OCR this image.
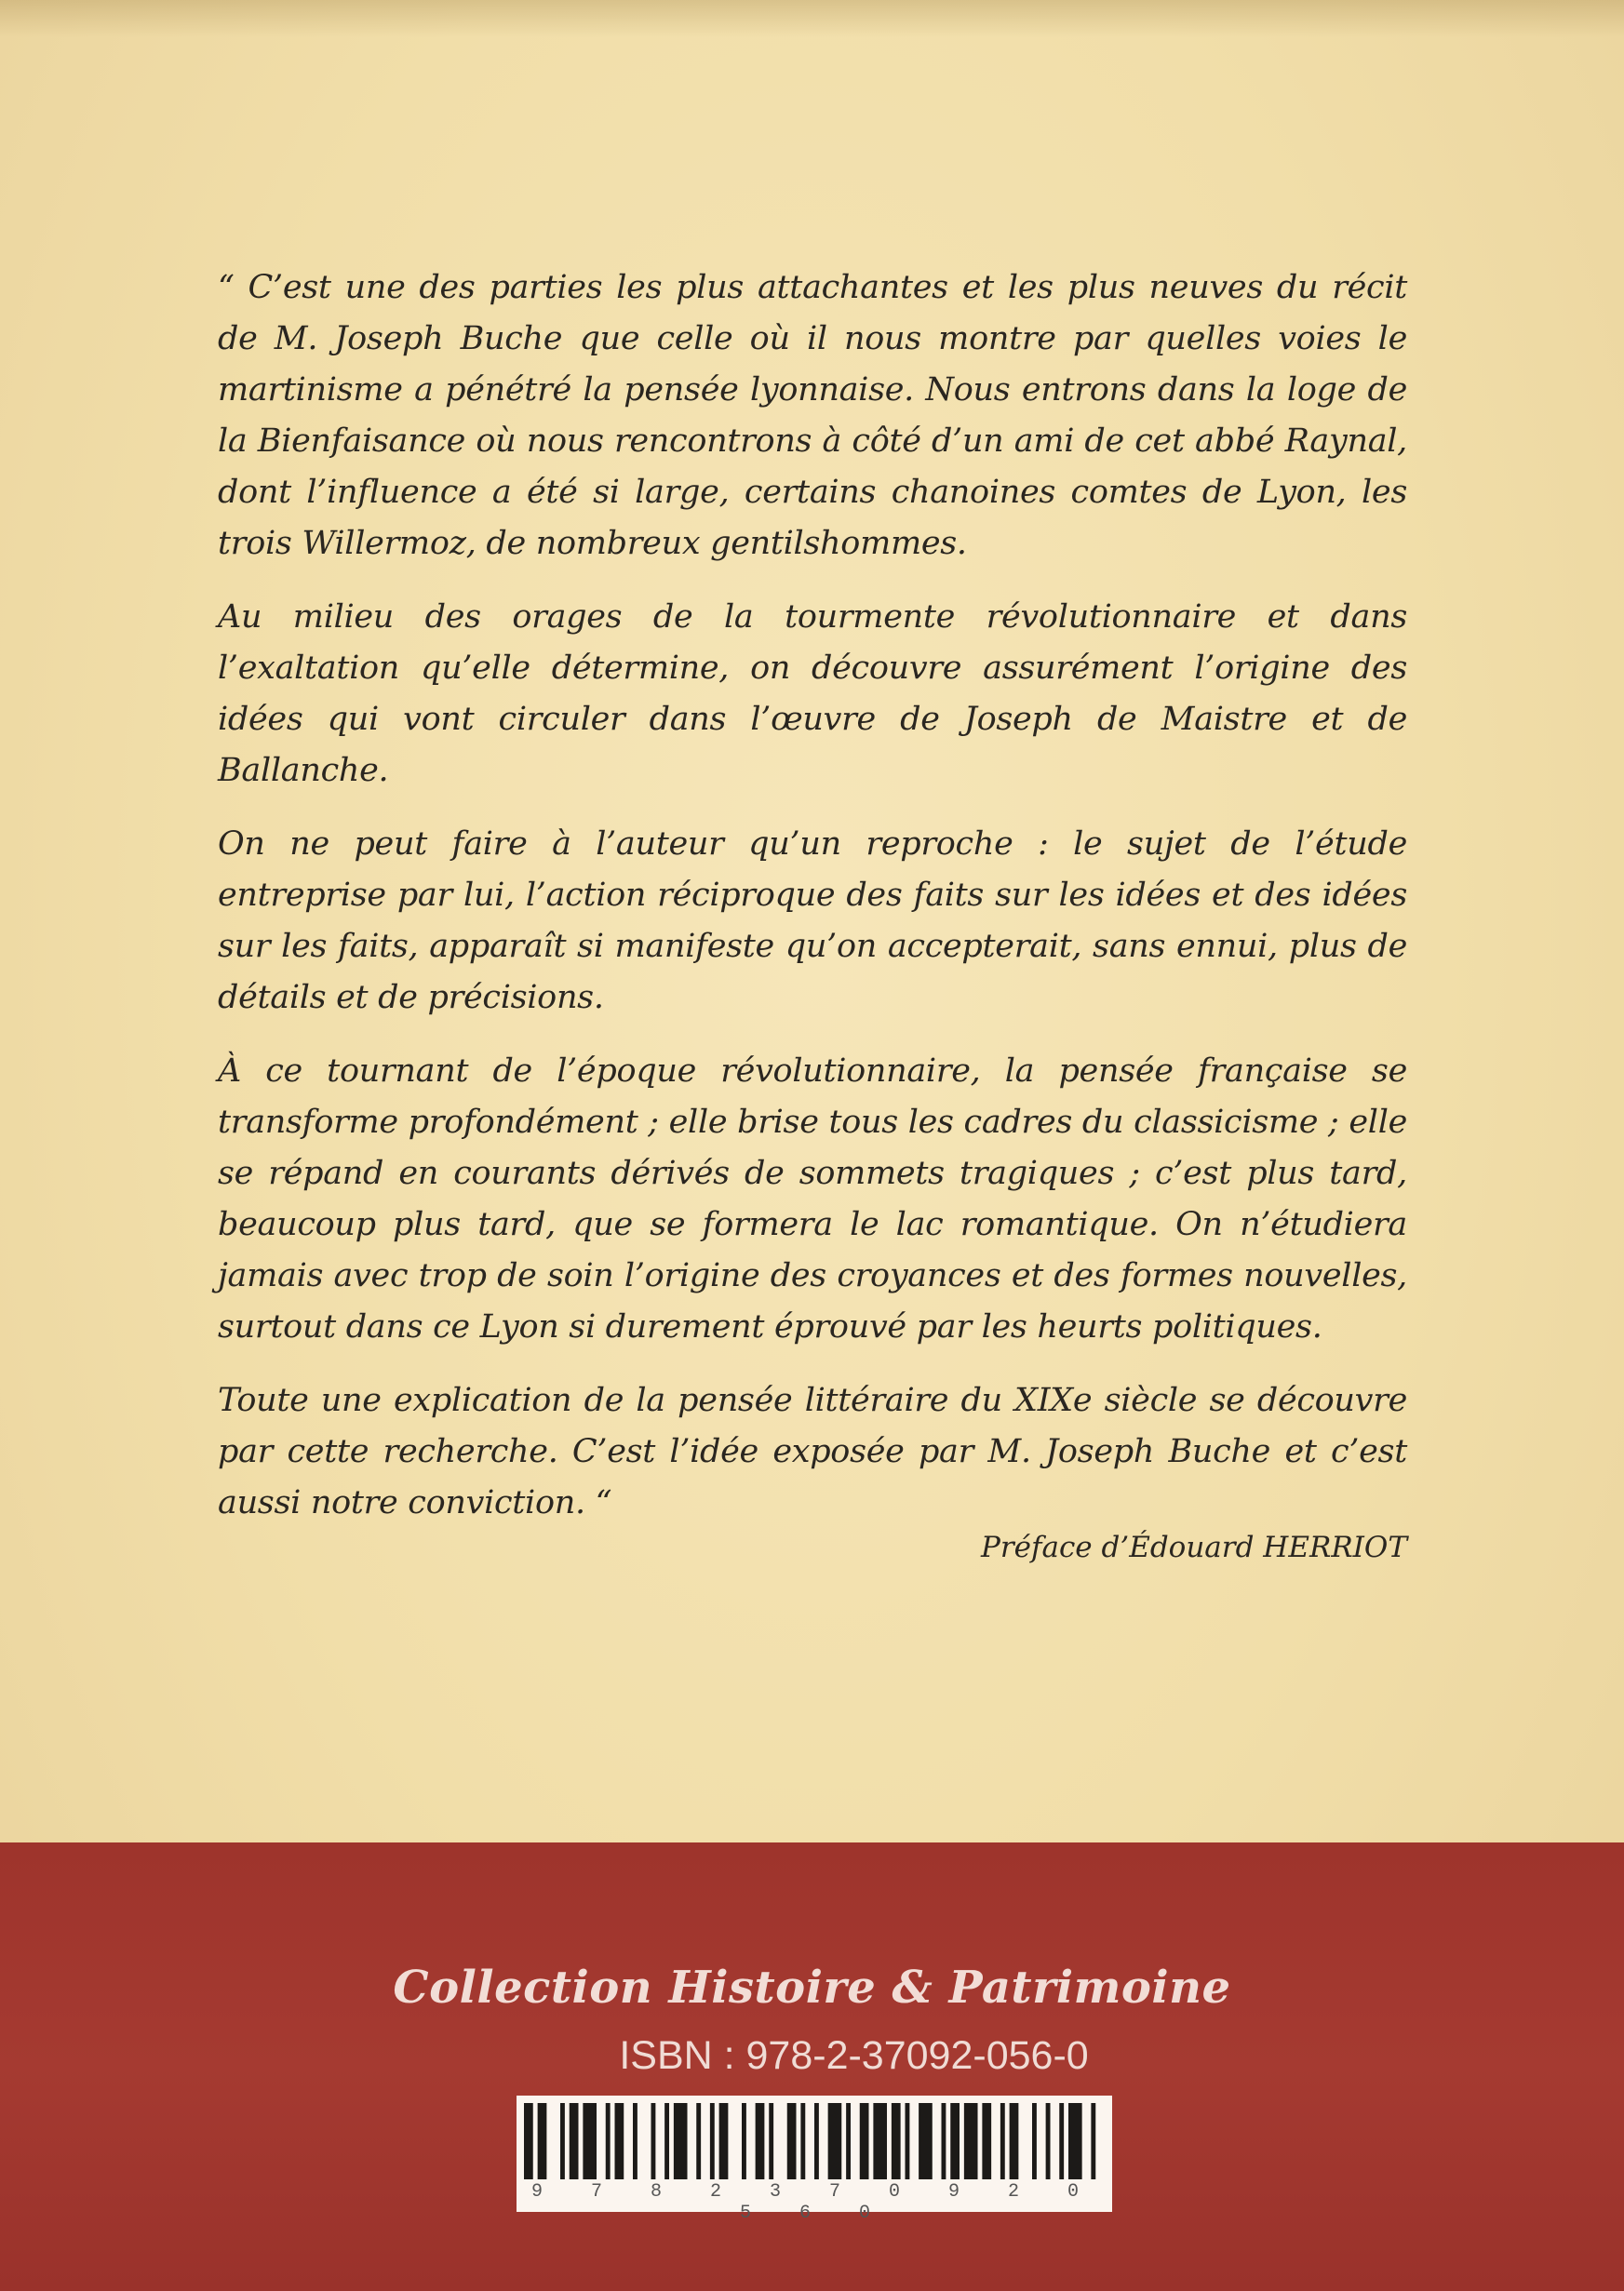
“ C’est une des parties les plus attachantes et les plus neuves du récit de M. Joseph Buche que celle où il nous montre par quelles voies le martinisme a pénétré la pensée lyonnaise. Nous entrons dans la loge de la Bienfaisance où nous rencontrons à côté d’un ami de cet abbé Raynal, dont l’influence a été si large, certains chanoines comtes de Lyon, les trois Willermoz, de nombreux gentilshommes.

Au milieu des orages de la tourmente révolutionnaire et dans l’exaltation qu’elle détermine, on découvre assurément l’origine des idées qui vont circuler dans l’œuvre de Joseph de Maistre et de Ballanche.

On ne peut faire à l’auteur qu’un reproche : le sujet de l’étude entreprise par lui, l’action réciproque des faits sur les idées et des idées sur les faits, apparaît si manifeste qu’on accepterait, sans ennui, plus de détails et de précisions.

À ce tournant de l’époque révolutionnaire, la pensée française se transforme profondément ; elle brise tous les cadres du classicisme ; elle se répand en courants dérivés de sommets tragiques ; c’est plus tard, beaucoup plus tard, que se formera le lac romantique. On n’étudiera jamais avec trop de soin l’origine des croyances et des formes nouvelles, surtout dans ce Lyon si durement éprouvé par les heurts politiques.

Toute une explication de la pensée littéraire du XIXe siècle se découvre par cette recherche. C’est l’idée exposée par M. Joseph Buche et c’est aussi notre conviction. “

Préface d’Édouard HERRIOT
Collection Histoire & Patrimoine
ISBN : 978-2-37092-056-0
9 7 8 2 3 7 0 9 2 0 5 6 0
